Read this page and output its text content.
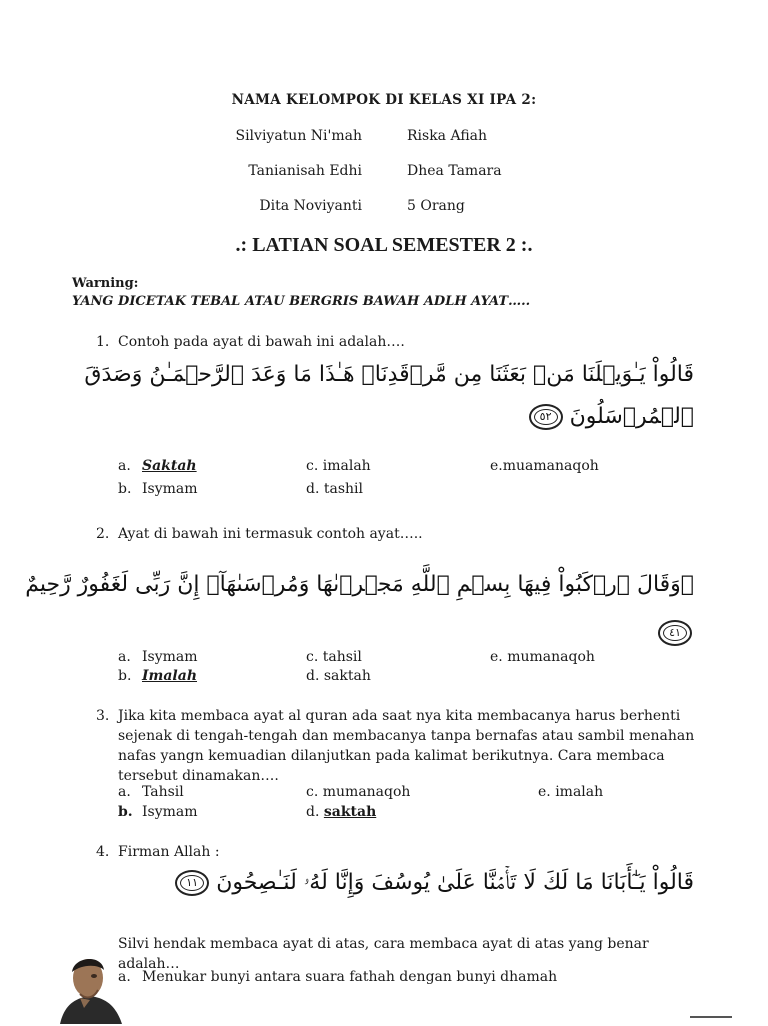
NAMA KELOMPOK DI KELAS XI IPA 2:
Silviyatun Ni'mah
Tanianisah Edhi
Dita Noviyanti
Riska Afiah
Dhea Tamara
5 Orang
.: LATIAN SOAL SEMESTER 2 :.
Warning:
YANG DICETAK TEBAL ATAU BERGRIS BAWAH ADLH AYAT…..
1. Contoh pada ayat di bawah ini adalah….
قَالُواْ يَـٰوَيۡلَنَا مَنۢ بَعَثَنَا مِن مَّرۡقَدِنَاۜ هَـٰذَا مَا وَعَدَ ٱلرَّحۡمَـٰنُ وَصَدَقَ
ٱلۡمُرۡسَلُونَ ٥٢
a. Saktah
b. Isymam
c. imalah
d. tashil
e.muamanaqoh
2. Ayat di bawah ini termasuk contoh ayat…..
۞وَقَالَ ٱرۡكَبُواْ فِيهَا بِسۡمِ ٱللَّهِ مَجۡر۪ىٰهَا وَمُرۡسَىٰهَآۚ إِنَّ رَبِّى لَغَفُورٌ رَّحِيمٌ
٤١
a. Isymam
b. Imalah
c. tahsil
d. saktah
e. mumanaqoh
3. Jika kita membaca ayat al quran ada saat nya kita membacanya harus berhenti
sejenak di tengah-tengah dan membacanya tanpa bernafas atau sambil menahan
nafas yangn kemuadian dilanjutkan pada kalimat berikutnya. Cara membaca
tersebut dinamakan….
a. Tahsil
b. Isymam
c. mumanaqoh
d. saktah
e. imalah
4. Firman Allah :
قَالُواْ يَـٰٓأَبَانَا مَا لَكَ لَا تَأۡمَ۬نَّا عَلَىٰ يُوسُفَ وَإِنَّا لَهُۥ لَنَـٰصِحُونَ ١١
Silvi hendak membaca ayat di atas, cara membaca ayat di atas yang benar adalah…
a. Menukar bunyi antara suara fathah dengan bunyi dhamah
